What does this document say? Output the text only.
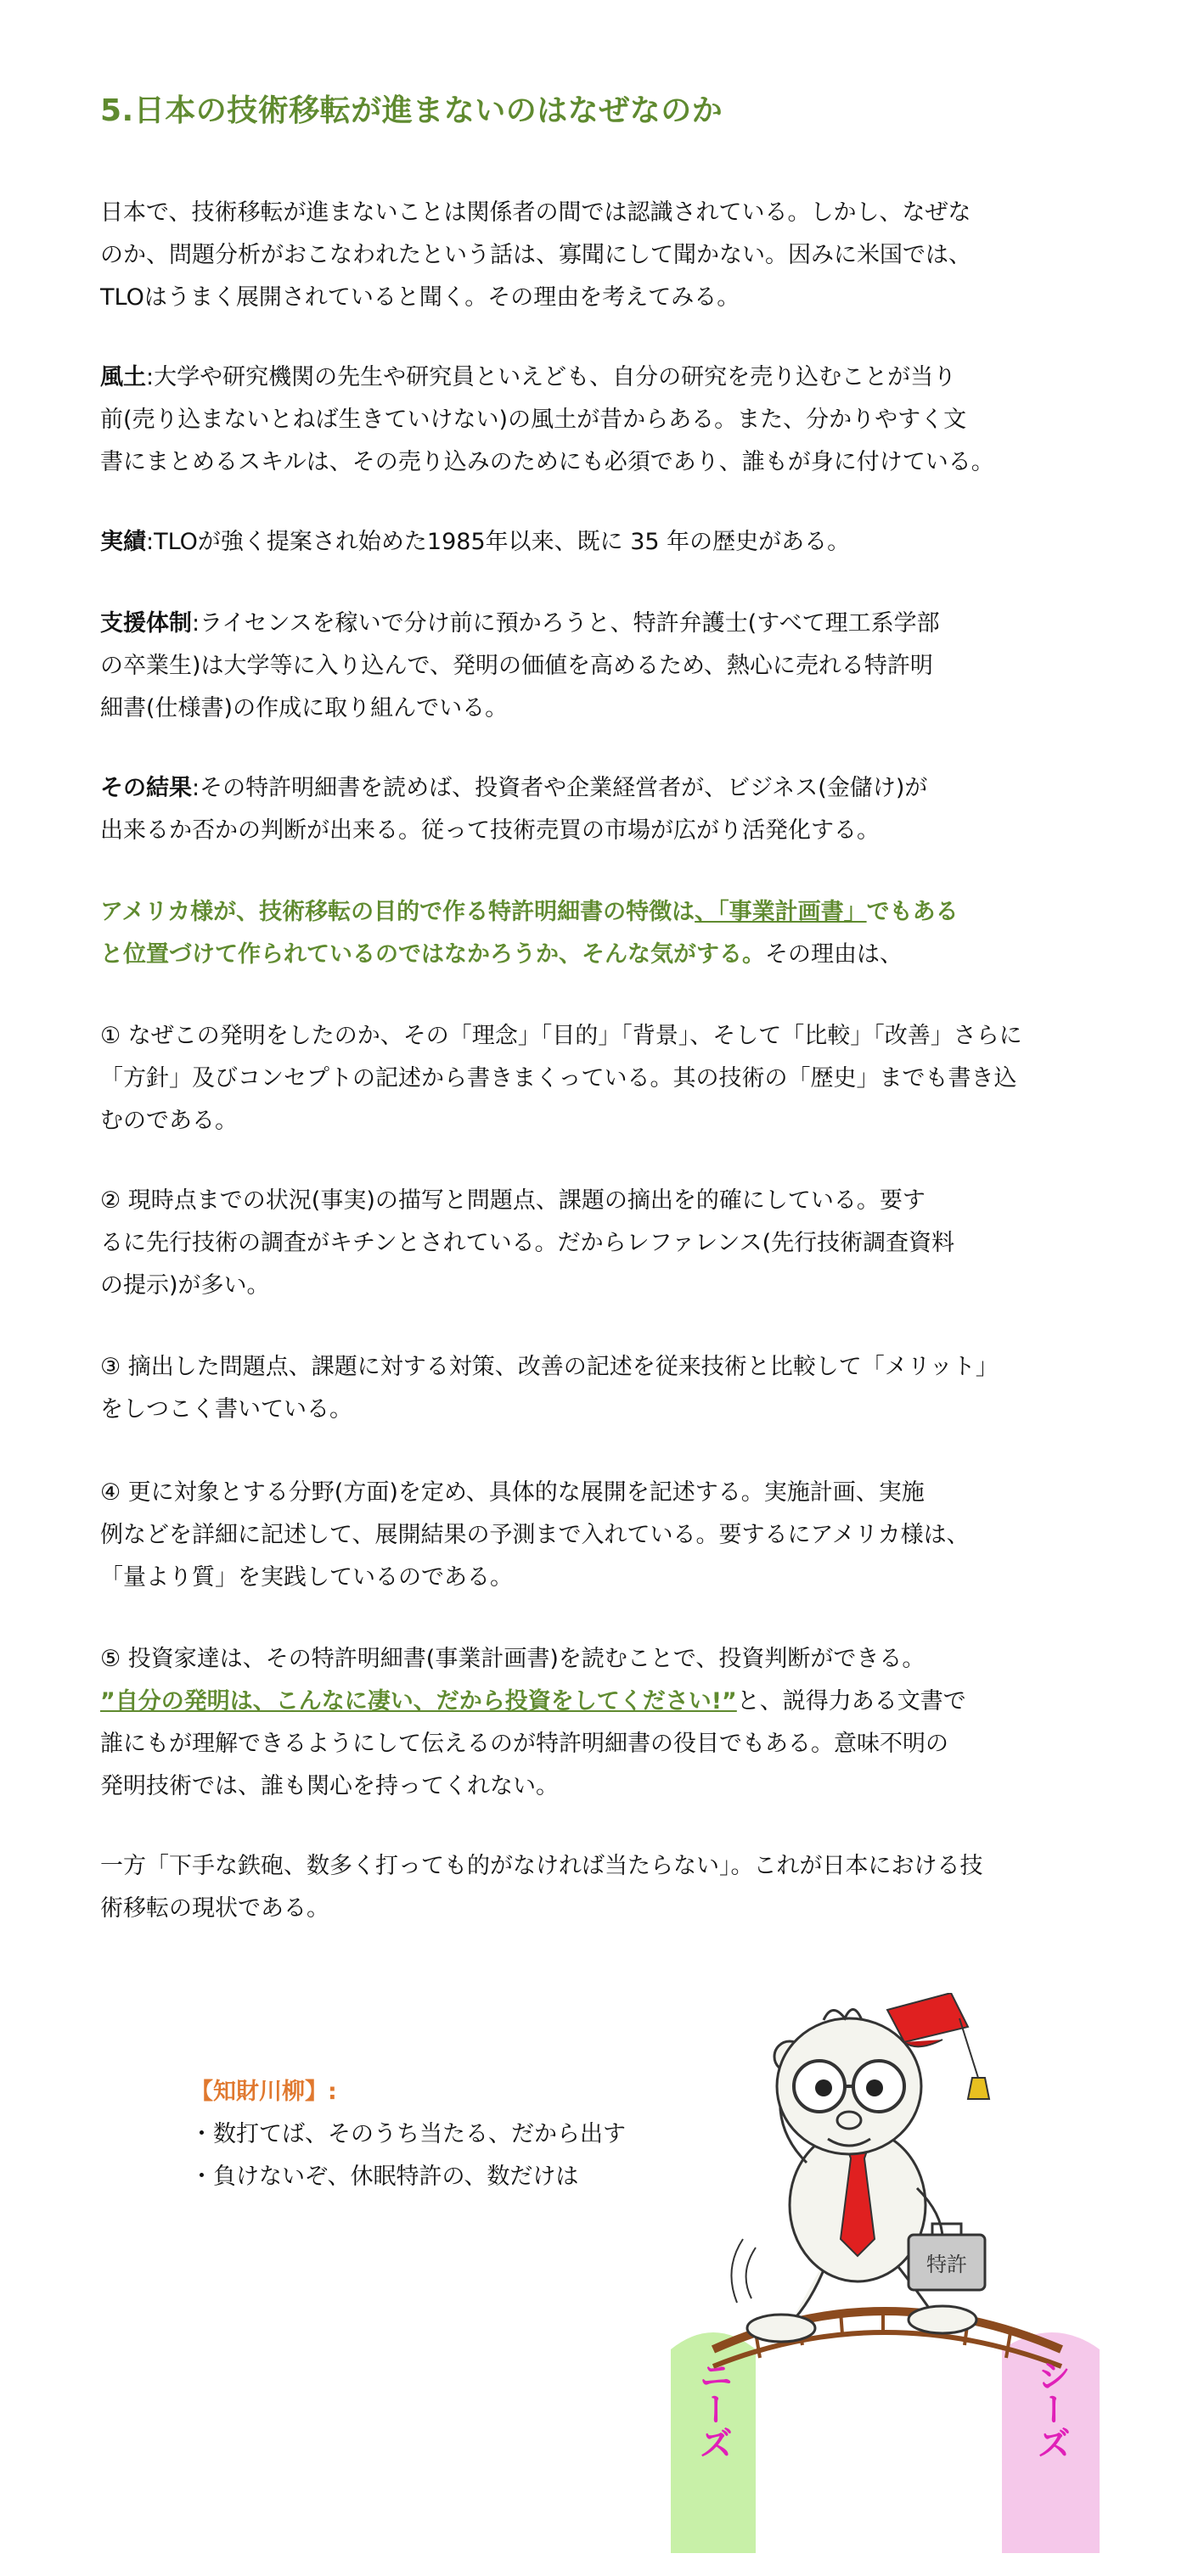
5.日本の技術移転が進まないのはなぜなのか

日本で、技術移転が進まないことは関係者の間では認識されている。しかし、なぜな
のか、問題分析がおこなわれたという話は、寡聞にして聞かない。因みに米国では、
TLOはうまく展開されていると聞く。その理由を考えてみる。

風土:大学や研究機関の先生や研究員といえども、自分の研究を売り込むことが当り
前(売り込まないとねば生きていけない)の風土が昔からある。また、分かりやすく文
書にまとめるスキルは、その売り込みのためにも必須であり、誰もが身に付けている。

実績:TLOが強く提案され始めた1985年以来、既に 35 年の歴史がある。

支援体制:ライセンスを稼いで分け前に預かろうと、特許弁護士(すべて理工系学部
の卒業生)は大学等に入り込んで、発明の価値を高めるため、熱心に売れる特許明
細書(仕様書)の作成に取り組んでいる。

その結果:その特許明細書を読めば、投資者や企業経営者が、ビジネス(金儲け)が
出来るか否かの判断が出来る。従って技術売買の市場が広がり活発化する。

アメリカ様が、技術移転の目的で作る特許明細書の特徴は、「事業計画書」でもある
と位置づけて作られているのではなかろうか、そんな気がする。その理由は、

① なぜこの発明をしたのか、その「理念」「目的」「背景」、そして「比較」「改善」さらに
「方針」及びコンセプトの記述から書きまくっている。其の技術の「歴史」までも書き込
むのである。

② 現時点までの状況(事実)の描写と問題点、課題の摘出を的確にしている。要す
るに先行技術の調査がキチンとされている。だからレファレンス(先行技術調査資料
の提示)が多い。

③ 摘出した問題点、課題に対する対策、改善の記述を従来技術と比較して「メリット」
をしつこく書いている。

④ 更に対象とする分野(方面)を定め、具体的な展開を記述する。実施計画、実施
例などを詳細に記述して、展開結果の予測まで入れている。要するにアメリカ様は、
「量より質」を実践しているのである。

⑤ 投資家達は、その特許明細書(事業計画書)を読むことで、投資判断ができる。
”自分の発明は、こんなに凄い、だから投資をしてください!”と、説得力ある文書で
誰にもが理解できるようにして伝えるのが特許明細書の役目でもある。意味不明の
発明技術では、誰も関心を持ってくれない。

一方「下手な鉄砲、数多く打っても的がなければ当たらない」。これが日本における技
術移転の現状である。

【知財川柳】:
・数打てば、そのうち当たる、だから出す
・負けないぞ、休眠特許の、数だけは
特許
ニーズ	シーズ
